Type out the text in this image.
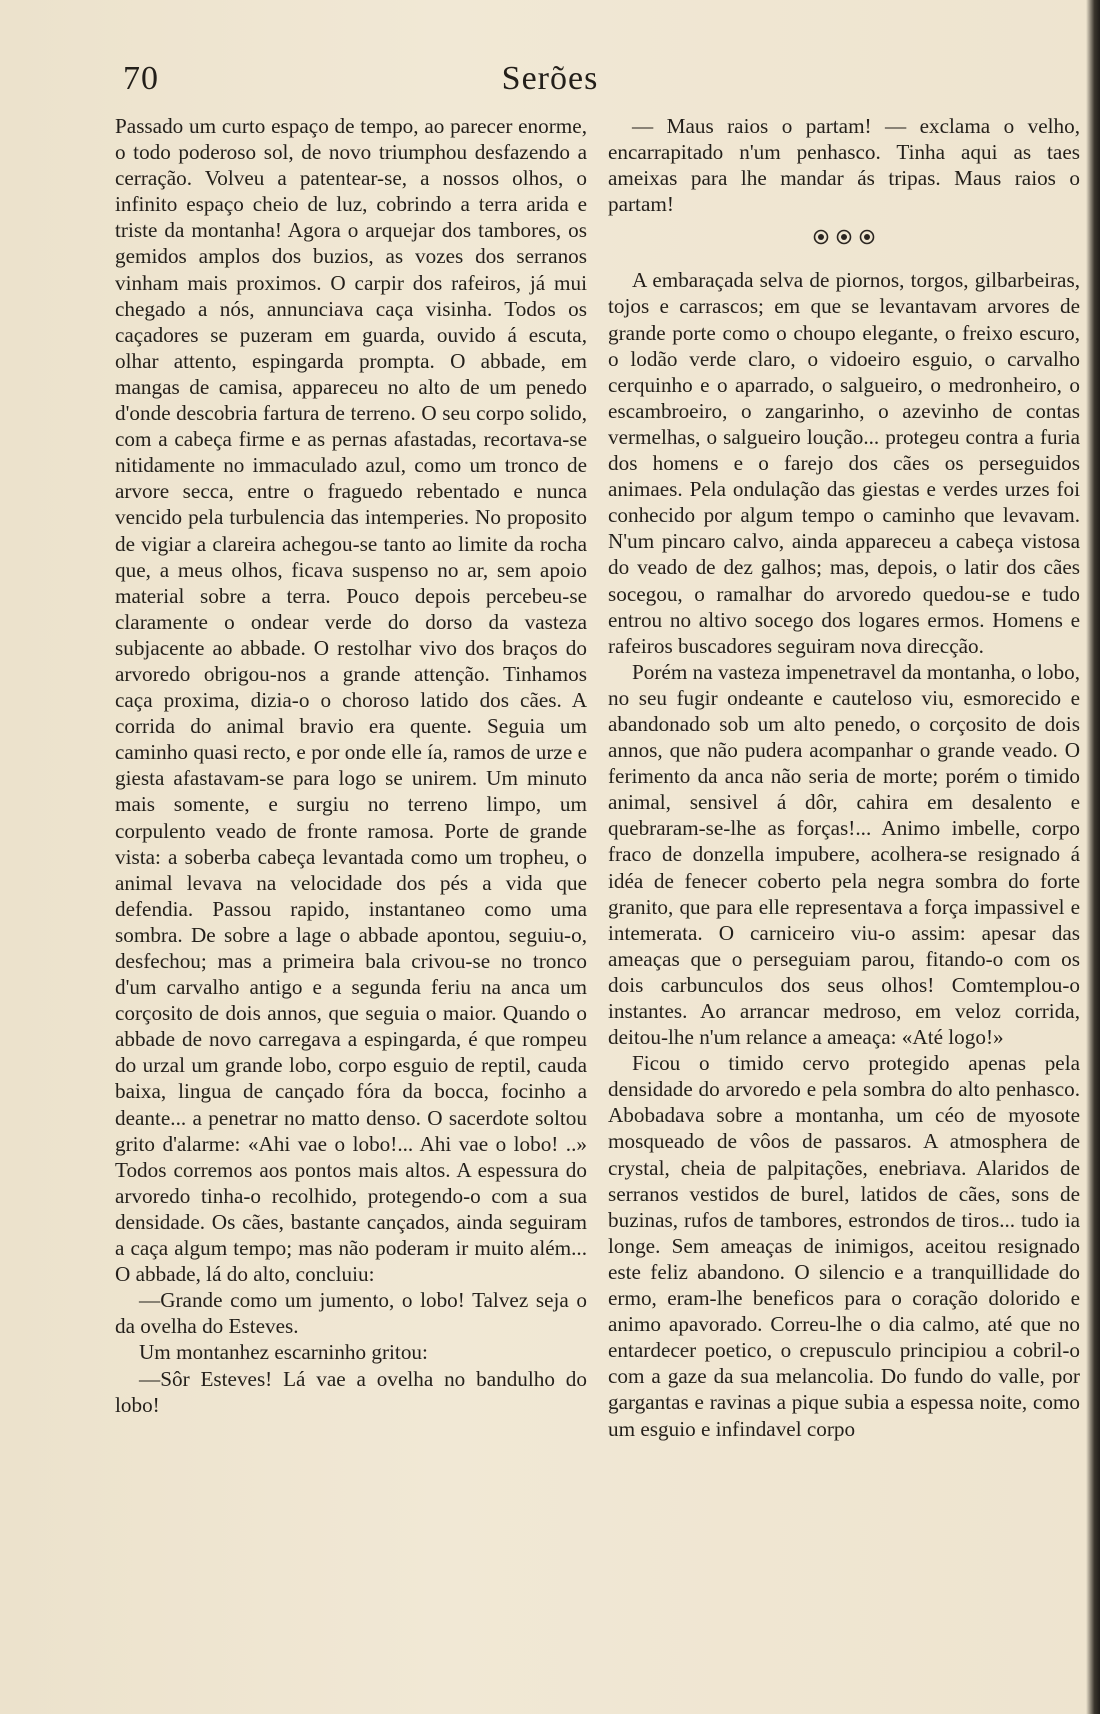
70	Serões

Passado um curto espaço de tempo, ao parecer enorme, o todo poderoso sol, de novo triumphou desfazendo a cerração. Volveu a patentear-se, a nossos olhos, o infinito espaço cheio de luz, cobrindo a terra arida e triste da montanha! Agora o arquejar dos tambores, os gemidos amplos dos buzios, as vozes dos serranos vinham mais proximos. O carpir dos rafeiros, já mui chegado a nós, annunciava caça visinha. Todos os caçadores se puzeram em guarda, ouvido á escuta, olhar attento, espingarda prompta. O abbade, em mangas de camisa, appareceu no alto de um penedo d'onde descobria fartura de terreno. O seu corpo solido, com a cabeça firme e as pernas afastadas, recortava-se nitidamente no immaculado azul, como um tronco de arvore secca, entre o fraguedo rebentado e nunca vencido pela turbulencia das intemperies. No proposito de vigiar a clareira achegou-se tanto ao limite da rocha que, a meus olhos, ficava suspenso no ar, sem apoio material sobre a terra. Pouco depois percebeu-se claramente o ondear verde do dorso da vasteza subjacente ao abbade. O restolhar vivo dos braços do arvoredo obrigou-nos a grande attenção. Tinhamos caça proxima, dizia-o o choroso latido dos cães. A corrida do animal bravio era quente. Seguia um caminho quasi recto, e por onde elle ía, ramos de urze e giesta afastavam-se para logo se unirem. Um minuto mais somente, e surgiu no terreno limpo, um corpulento veado de fronte ramosa. Porte de grande vista: a soberba cabeça levantada como um tropheu, o animal levava na velocidade dos pés a vida que defendia. Passou rapido, instantaneo como uma sombra. De sobre a lage o abbade apontou, seguiu-o, desfechou; mas a primeira bala crivou-se no tronco d'um carvalho antigo e a segunda feriu na anca um corçosito de dois annos, que seguia o maior. Quando o abbade de novo carregava a espingarda, é que rompeu do urzal um grande lobo, corpo esguio de reptil, cauda baixa, lingua de cançado fóra da bocca, focinho a deante... a penetrar no matto denso. O sacerdote soltou grito d'alarme: «Ahi vae o lobo!... Ahi vae o lobo! ..» Todos corremos aos pontos mais altos. A espessura do arvoredo tinha-o recolhido, protegendo-o com a sua densidade. Os cães, bastante cançados, ainda seguiram a caça algum tempo; mas não poderam ir muito além... O abbade, lá do alto, concluiu:

—Grande como um jumento, o lobo! Talvez seja o da ovelha do Esteves.

Um montanhez escarninho gritou:

—Sôr Esteves! Lá vae a ovelha no bandulho do lobo!

— Maus raios o partam! — exclama o velho, encarrapitado n'um penhasco. Tinha aqui as taes ameixas para lhe mandar ás tripas. Maus raios o partam!

A embaraçada selva de piornos, torgos, gilbarbeiras, tojos e carrascos; em que se levantavam arvores de grande porte como o choupo elegante, o freixo escuro, o lodão verde claro, o vidoeiro esguio, o carvalho cerquinho e o aparrado, o salgueiro, o medronheiro, o escambroeiro, o zangarinho, o azevinho de contas vermelhas, o salgueiro loução... protegeu contra a furia dos homens e o farejo dos cães os perseguidos animaes. Pela ondulação das giestas e verdes urzes foi conhecido por algum tempo o caminho que levavam. N'um pincaro calvo, ainda appareceu a cabeça vistosa do veado de dez galhos; mas, depois, o latir dos cães socegou, o ramalhar do arvoredo quedou-se e tudo entrou no altivo socego dos logares ermos. Homens e rafeiros buscadores seguiram nova direcção.

Porém na vasteza impenetravel da montanha, o lobo, no seu fugir ondeante e cauteloso viu, esmorecido e abandonado sob um alto penedo, o corçosito de dois annos, que não pudera acompanhar o grande veado. O ferimento da anca não seria de morte; porém o timido animal, sensivel á dôr, cahira em desalento e quebraram-se-lhe as forças!... Animo imbelle, corpo fraco de donzella impubere, acolhera-se resignado á idéa de fenecer coberto pela negra sombra do forte granito, que para elle representava a força impassivel e intemerata. O carniceiro viu-o assim: apesar das ameaças que o perseguiam parou, fitando-o com os dois carbunculos dos seus olhos! Comtemplou-o instantes. Ao arrancar medroso, em veloz corrida, deitou-lhe n'um relance a ameaça: «Até logo!»

Ficou o timido cervo protegido apenas pela densidade do arvoredo e pela sombra do alto penhasco. Abobadava sobre a montanha, um céo de myosote mosqueado de vôos de passaros. A atmosphera de crystal, cheia de palpitações, enebriava. Alaridos de serranos vestidos de burel, latidos de cães, sons de buzinas, rufos de tambores, estrondos de tiros... tudo ia longe. Sem ameaças de inimigos, aceitou resignado este feliz abandono. O silencio e a tranquillidade do ermo, eram-lhe beneficos para o coração dolorido e animo apavorado. Correu-lhe o dia calmo, até que no entardecer poetico, o crepusculo principiou a cobril-o com a gaze da sua melancolia. Do fundo do valle, por gargantas e ravinas a pique subia a espessa noite, como um esguio e infindavel corpo
